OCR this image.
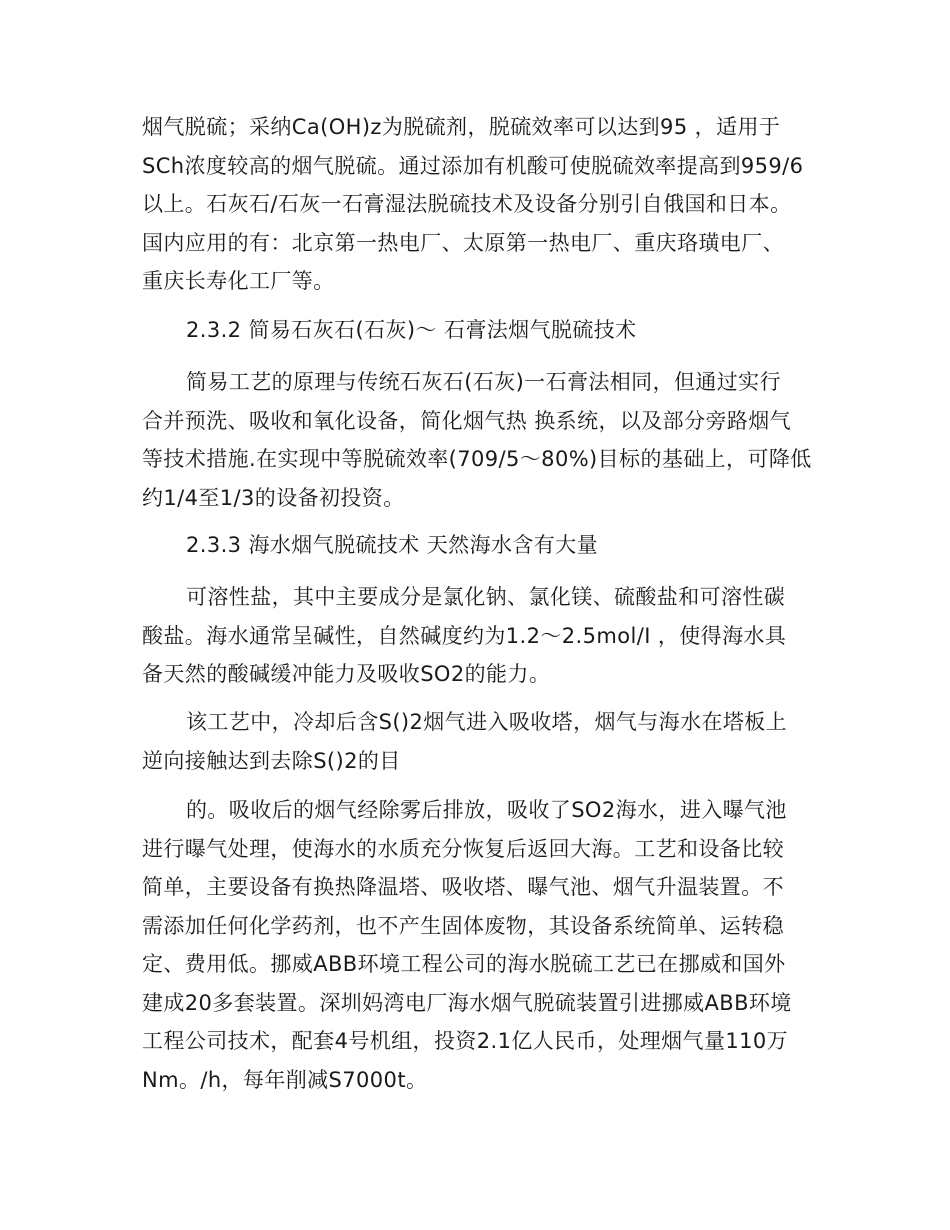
烟气脱硫；采纳Ca(OH)z为脱硫剂，脱硫效率可以达到95 ，适用于
SCh浓度较高的烟气脱硫。通过添加有机酸可使脱硫效率提高到959/6
以上。石灰石/石灰一石膏湿法脱硫技术及设备分别引自俄国和日本。
国内应用的有：北京第一热电厂、太原第一热电厂、重庆珞璜电厂、
重庆长寿化工厂等。
2.3.2 简易石灰石(石灰)～ 石膏法烟气脱硫技术
简易工艺的原理与传统石灰石(石灰)一石膏法相同，但通过实行
合并预洗、吸收和氧化设备，简化烟气热 换系统，以及部分旁路烟气
等技术措施.在实现中等脱硫效率(709/5～80%)目标的基础上，可降低
约1/4至1/3的设备初投资。
2.3.3 海水烟气脱硫技术 天然海水含有大量
可溶性盐，其中主要成分是氯化钠、氯化镁、硫酸盐和可溶性碳
酸盐。海水通常呈碱性，自然碱度约为1.2～2.5mol/I ，使得海水具
备天然的酸碱缓冲能力及吸收SO2的能力。
该工艺中，冷却后含S()2烟气进入吸收塔，烟气与海水在塔板上
逆向接触达到去除S()2的目
的。吸收后的烟气经除雾后排放，吸收了SO2海水，进入曝气池
进行曝气处理，使海水的水质充分恢复后返回大海。工艺和设备比较
简单，主要设备有换热降温塔、吸收塔、曝气池、烟气升温装置。不
需添加任何化学药剂，也不产生固体废物，其设备系统简单、运转稳
定、费用低。挪威ABB环境工程公司的海水脱硫工艺已在挪威和国外
建成20多套装置。深圳妈湾电厂海水烟气脱硫装置引进挪威ABB环境
工程公司技术，配套4号机组，投资2.1亿人民币，处理烟气量110万
Nm。/h，每年削减S7000t。
